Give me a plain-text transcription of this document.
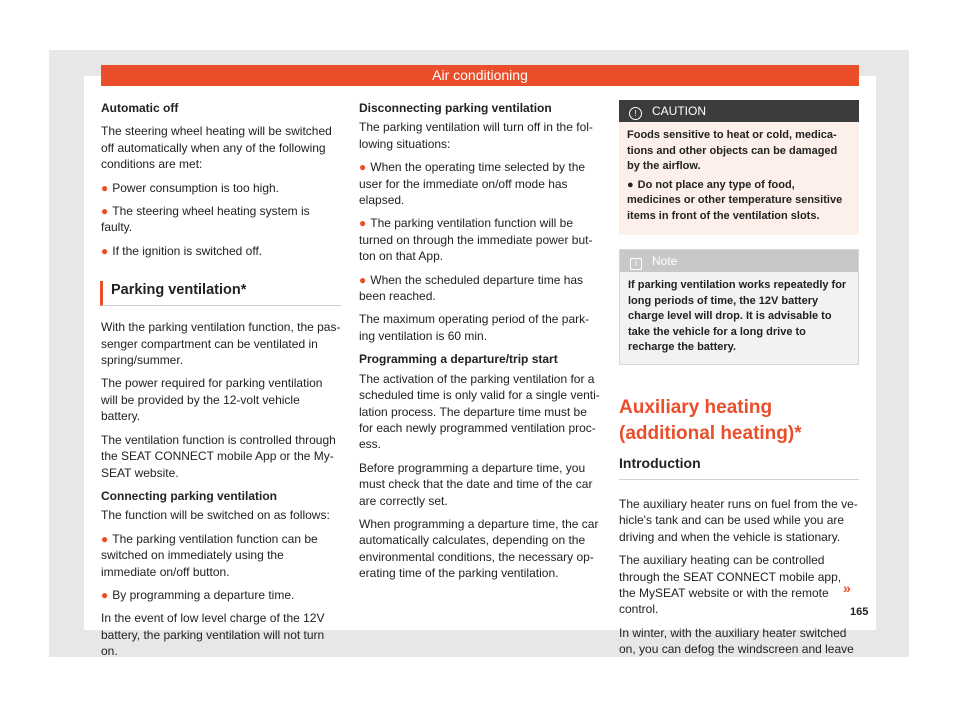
Air conditioning

Automatic off

The steering wheel heating will be switched off automatically when any of the following conditions are met:

● Power consumption is too high.

● The steering wheel heating system is faulty.

● If the ignition is switched off.

Parking ventilation*

With the parking ventilation function, the pas-senger compartment can be ventilated in spring/summer.

The power required for parking ventilation will be provided by the 12-volt vehicle battery.

The ventilation function is controlled through the SEAT CONNECT mobile App or the My-SEAT website.

Connecting parking ventilation

The function will be switched on as follows:

● The parking ventilation function can be switched on immediately using the immediate on/off button.

● By programming a departure time.

In the event of low level charge of the 12V battery, the parking ventilation will not turn on.

Disconnecting parking ventilation

The parking ventilation will turn off in the fol-lowing situations:

● When the operating time selected by the user for the immediate on/off mode has elapsed.

● The parking ventilation function will be turned on through the immediate power but-ton on that App.

● When the scheduled departure time has been reached.

The maximum operating period of the park-ing ventilation is 60 min.

Programming a departure/trip start

The activation of the parking ventilation for a scheduled time is only valid for a single venti-lation process. The departure time must be for each newly programmed ventilation proc-ess.

Before programming a departure time, you must check that the date and time of the car are correctly set.

When programming a departure time, the car automatically calculates, depending on the environmental conditions, the necessary op-erating time of the parking ventilation.

! CAUTION

Foods sensitive to heat or cold, medica-tions and other objects can be damaged by the airflow.

● Do not place any type of food, medicines or other temperature sensitive items in front of the ventilation slots.

i Note
If parking ventilation works repeatedly for long periods of time, the 12V battery charge level will drop. It is advisable to take the vehicle for a long drive to recharge the battery.
Auxiliary heating (additional heating)*
Introduction

The auxiliary heater runs on fuel from the ve-hicle's tank and can be used while you are driving and when the vehicle is stationary.

The auxiliary heating can be controlled through the SEAT CONNECT mobile app, the MySEAT website or with the remote control.

In winter, with the auxiliary heater switched on, you can defog the windscreen and leave

»
165
